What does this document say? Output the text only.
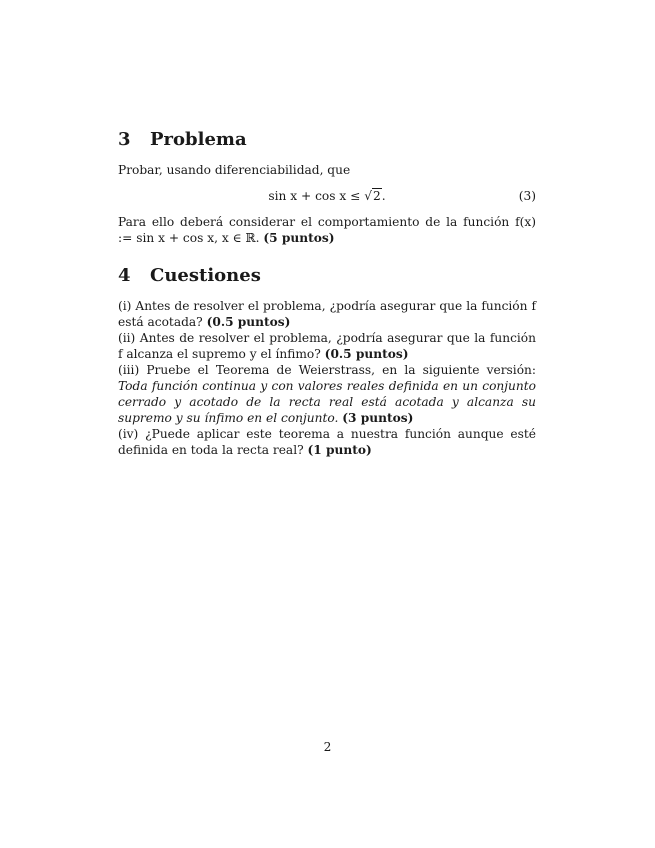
3 Problema

Probar, usando diferenciabilidad, que

sin x + cos x ≤ √2.	(3)

Para ello deberá considerar el comportamiento de la función f(x) := sin x + cos x, x ∈ ℝ. (5 puntos)

4 Cuestiones

(i) Antes de resolver el problema, ¿podría asegurar que la función f está acotada? (0.5 puntos)

(ii) Antes de resolver el problema, ¿podría asegurar que la función f alcanza el supremo y el ínfimo? (0.5 puntos)

(iii) Pruebe el Teorema de Weierstrass, en la siguiente versión: Toda función continua y con valores reales definida en un conjunto cerrado y acotado de la recta real está acotada y alcanza su supremo y su ínfimo en el conjunto. (3 puntos)

(iv) ¿Puede aplicar este teorema a nuestra función aunque esté definida en toda la recta real? (1 punto)

2
